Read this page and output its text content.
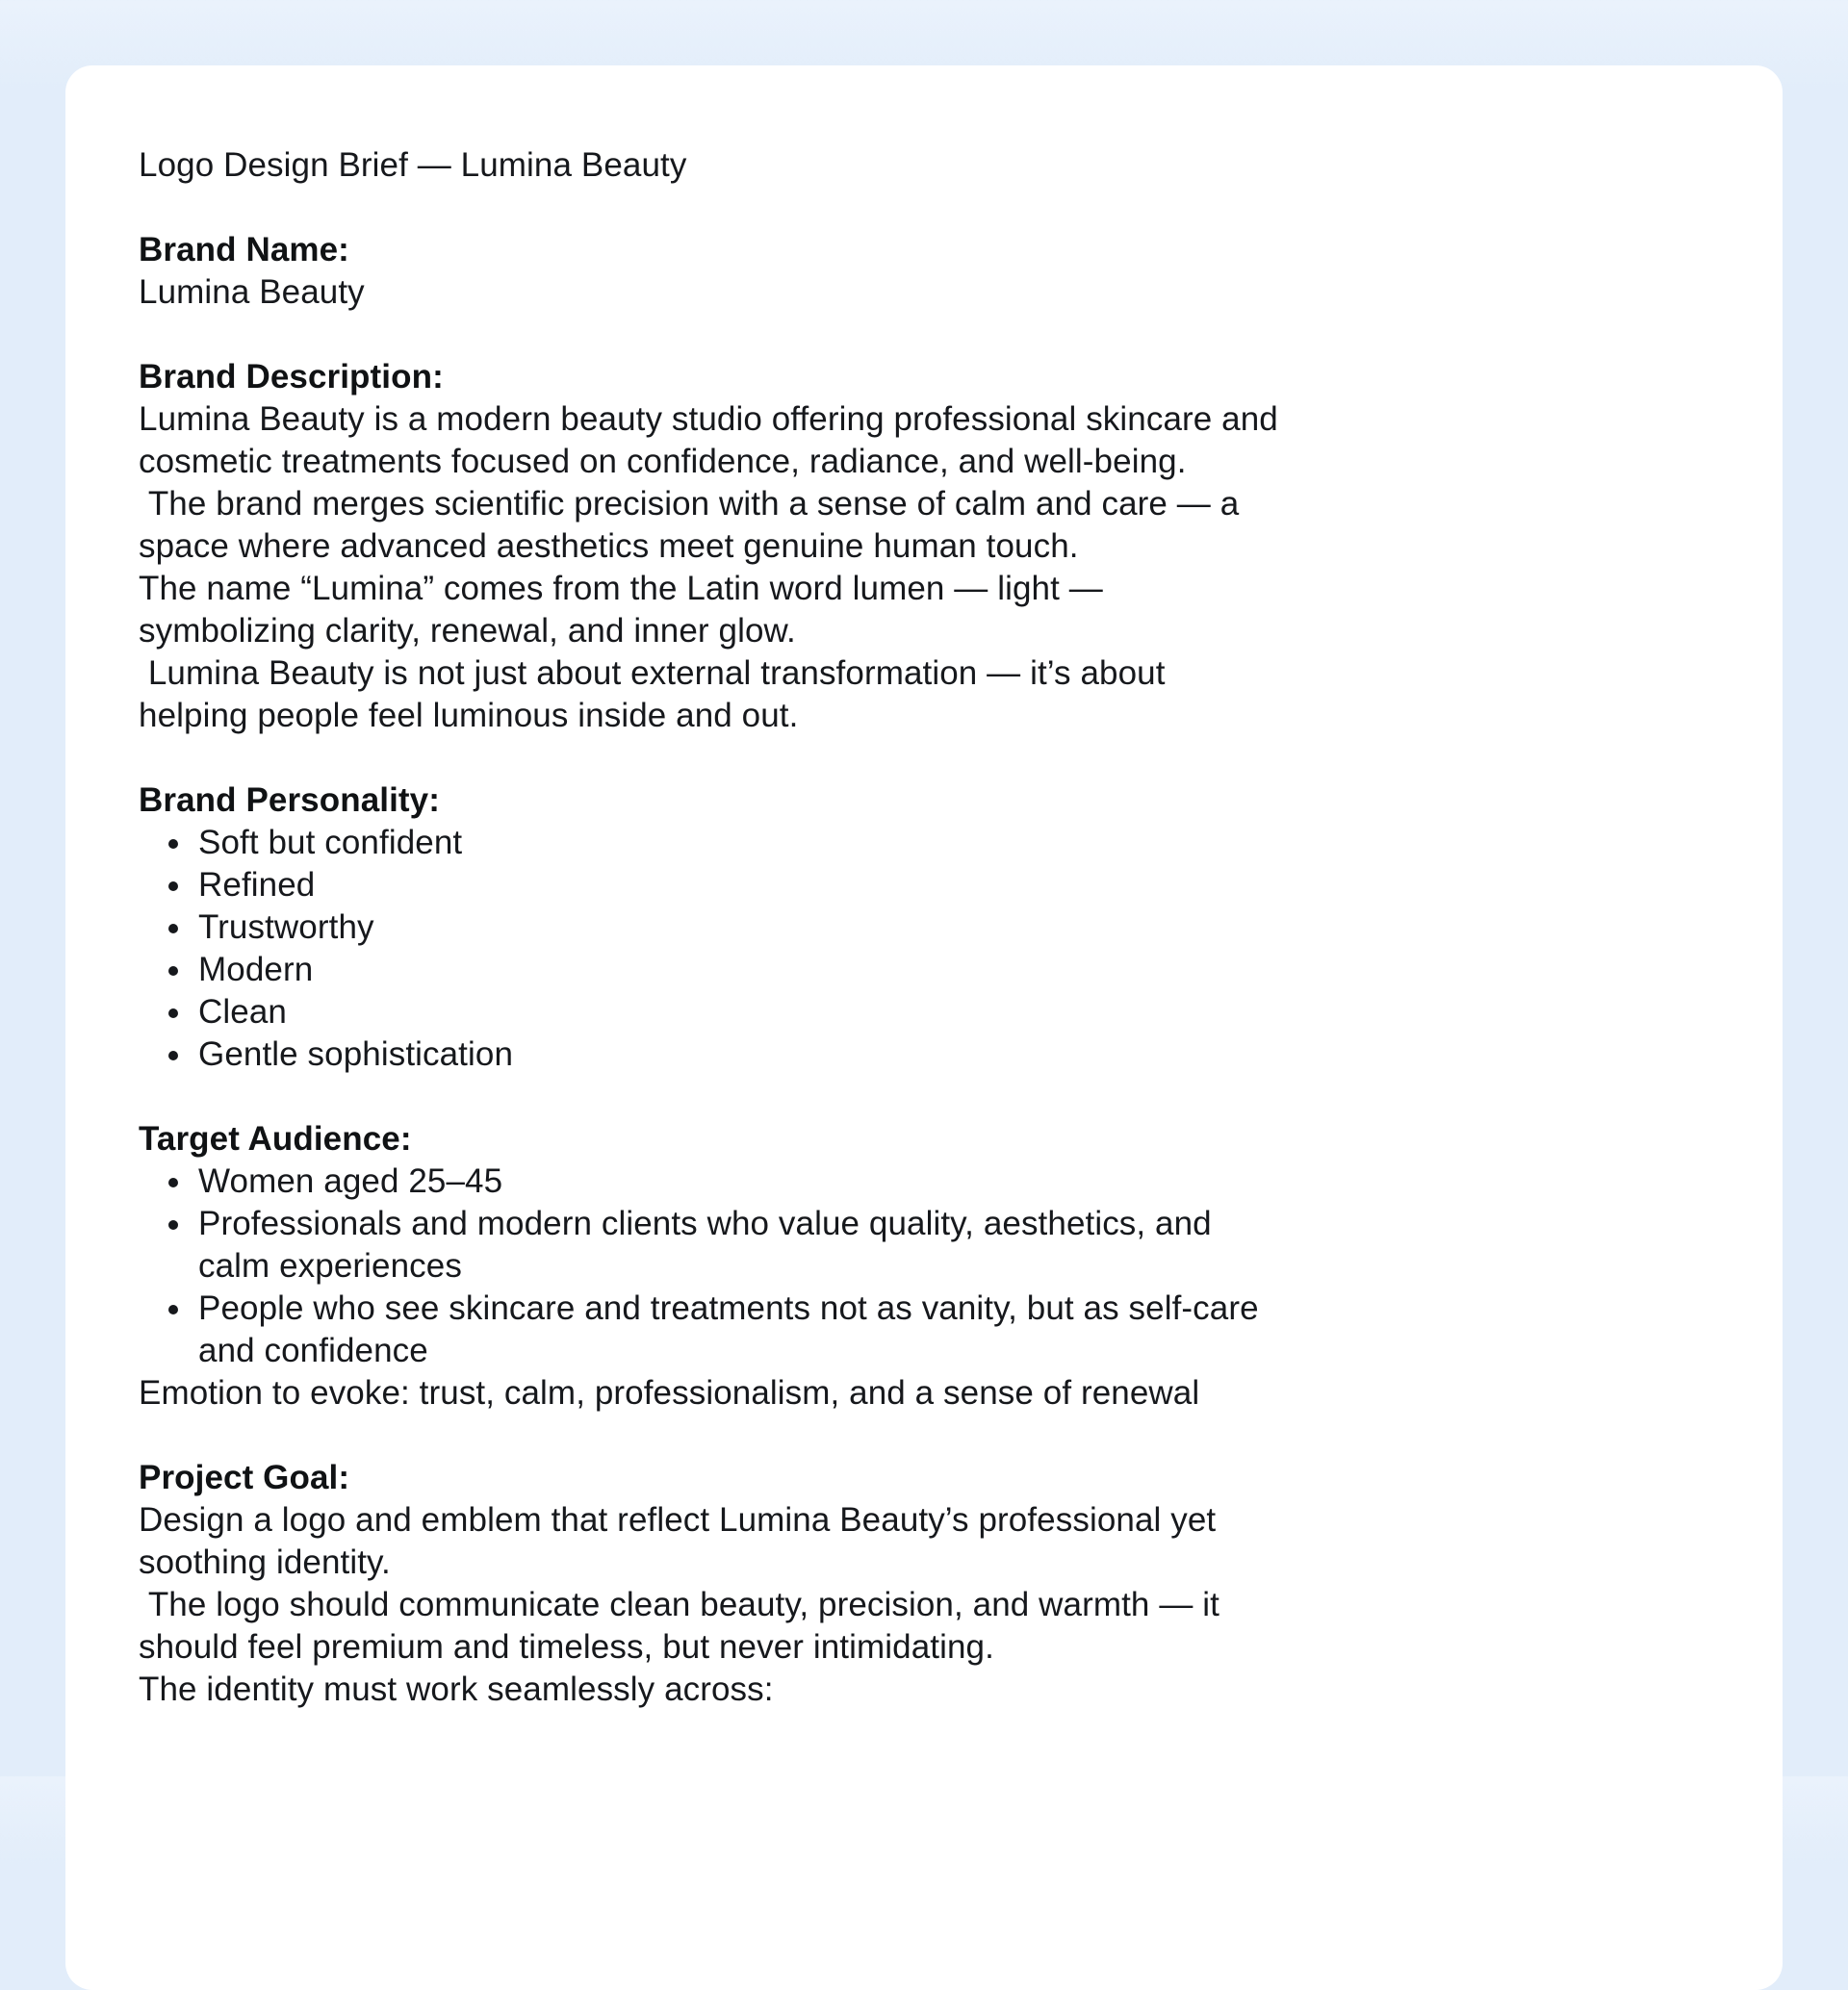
Logo Design Brief — Lumina Beauty
Brand Name:
Lumina Beauty
Brand Description:
Lumina Beauty is a modern beauty studio offering professional skincare and cosmetic treatments focused on confidence, radiance, and well-being.
The brand merges scientific precision with a sense of calm and care — a space where advanced aesthetics meet genuine human touch.
The name “Lumina” comes from the Latin word lumen — light — symbolizing clarity, renewal, and inner glow.
Lumina Beauty is not just about external transformation — it’s about helping people feel luminous inside and out.
Brand Personality:
• Soft but confident
• Refined
• Trustworthy
• Modern
• Clean
• Gentle sophistication
Target Audience:
• Women aged 25–45
• Professionals and modern clients who value quality, aesthetics, and calm experiences
• People who see skincare and treatments not as vanity, but as self-care and confidence
Emotion to evoke: trust, calm, professionalism, and a sense of renewal
Project Goal:
Design a logo and emblem that reflect Lumina Beauty’s professional yet soothing identity.
The logo should communicate clean beauty, precision, and warmth — it should feel premium and timeless, but never intimidating.
The identity must work seamlessly across:
